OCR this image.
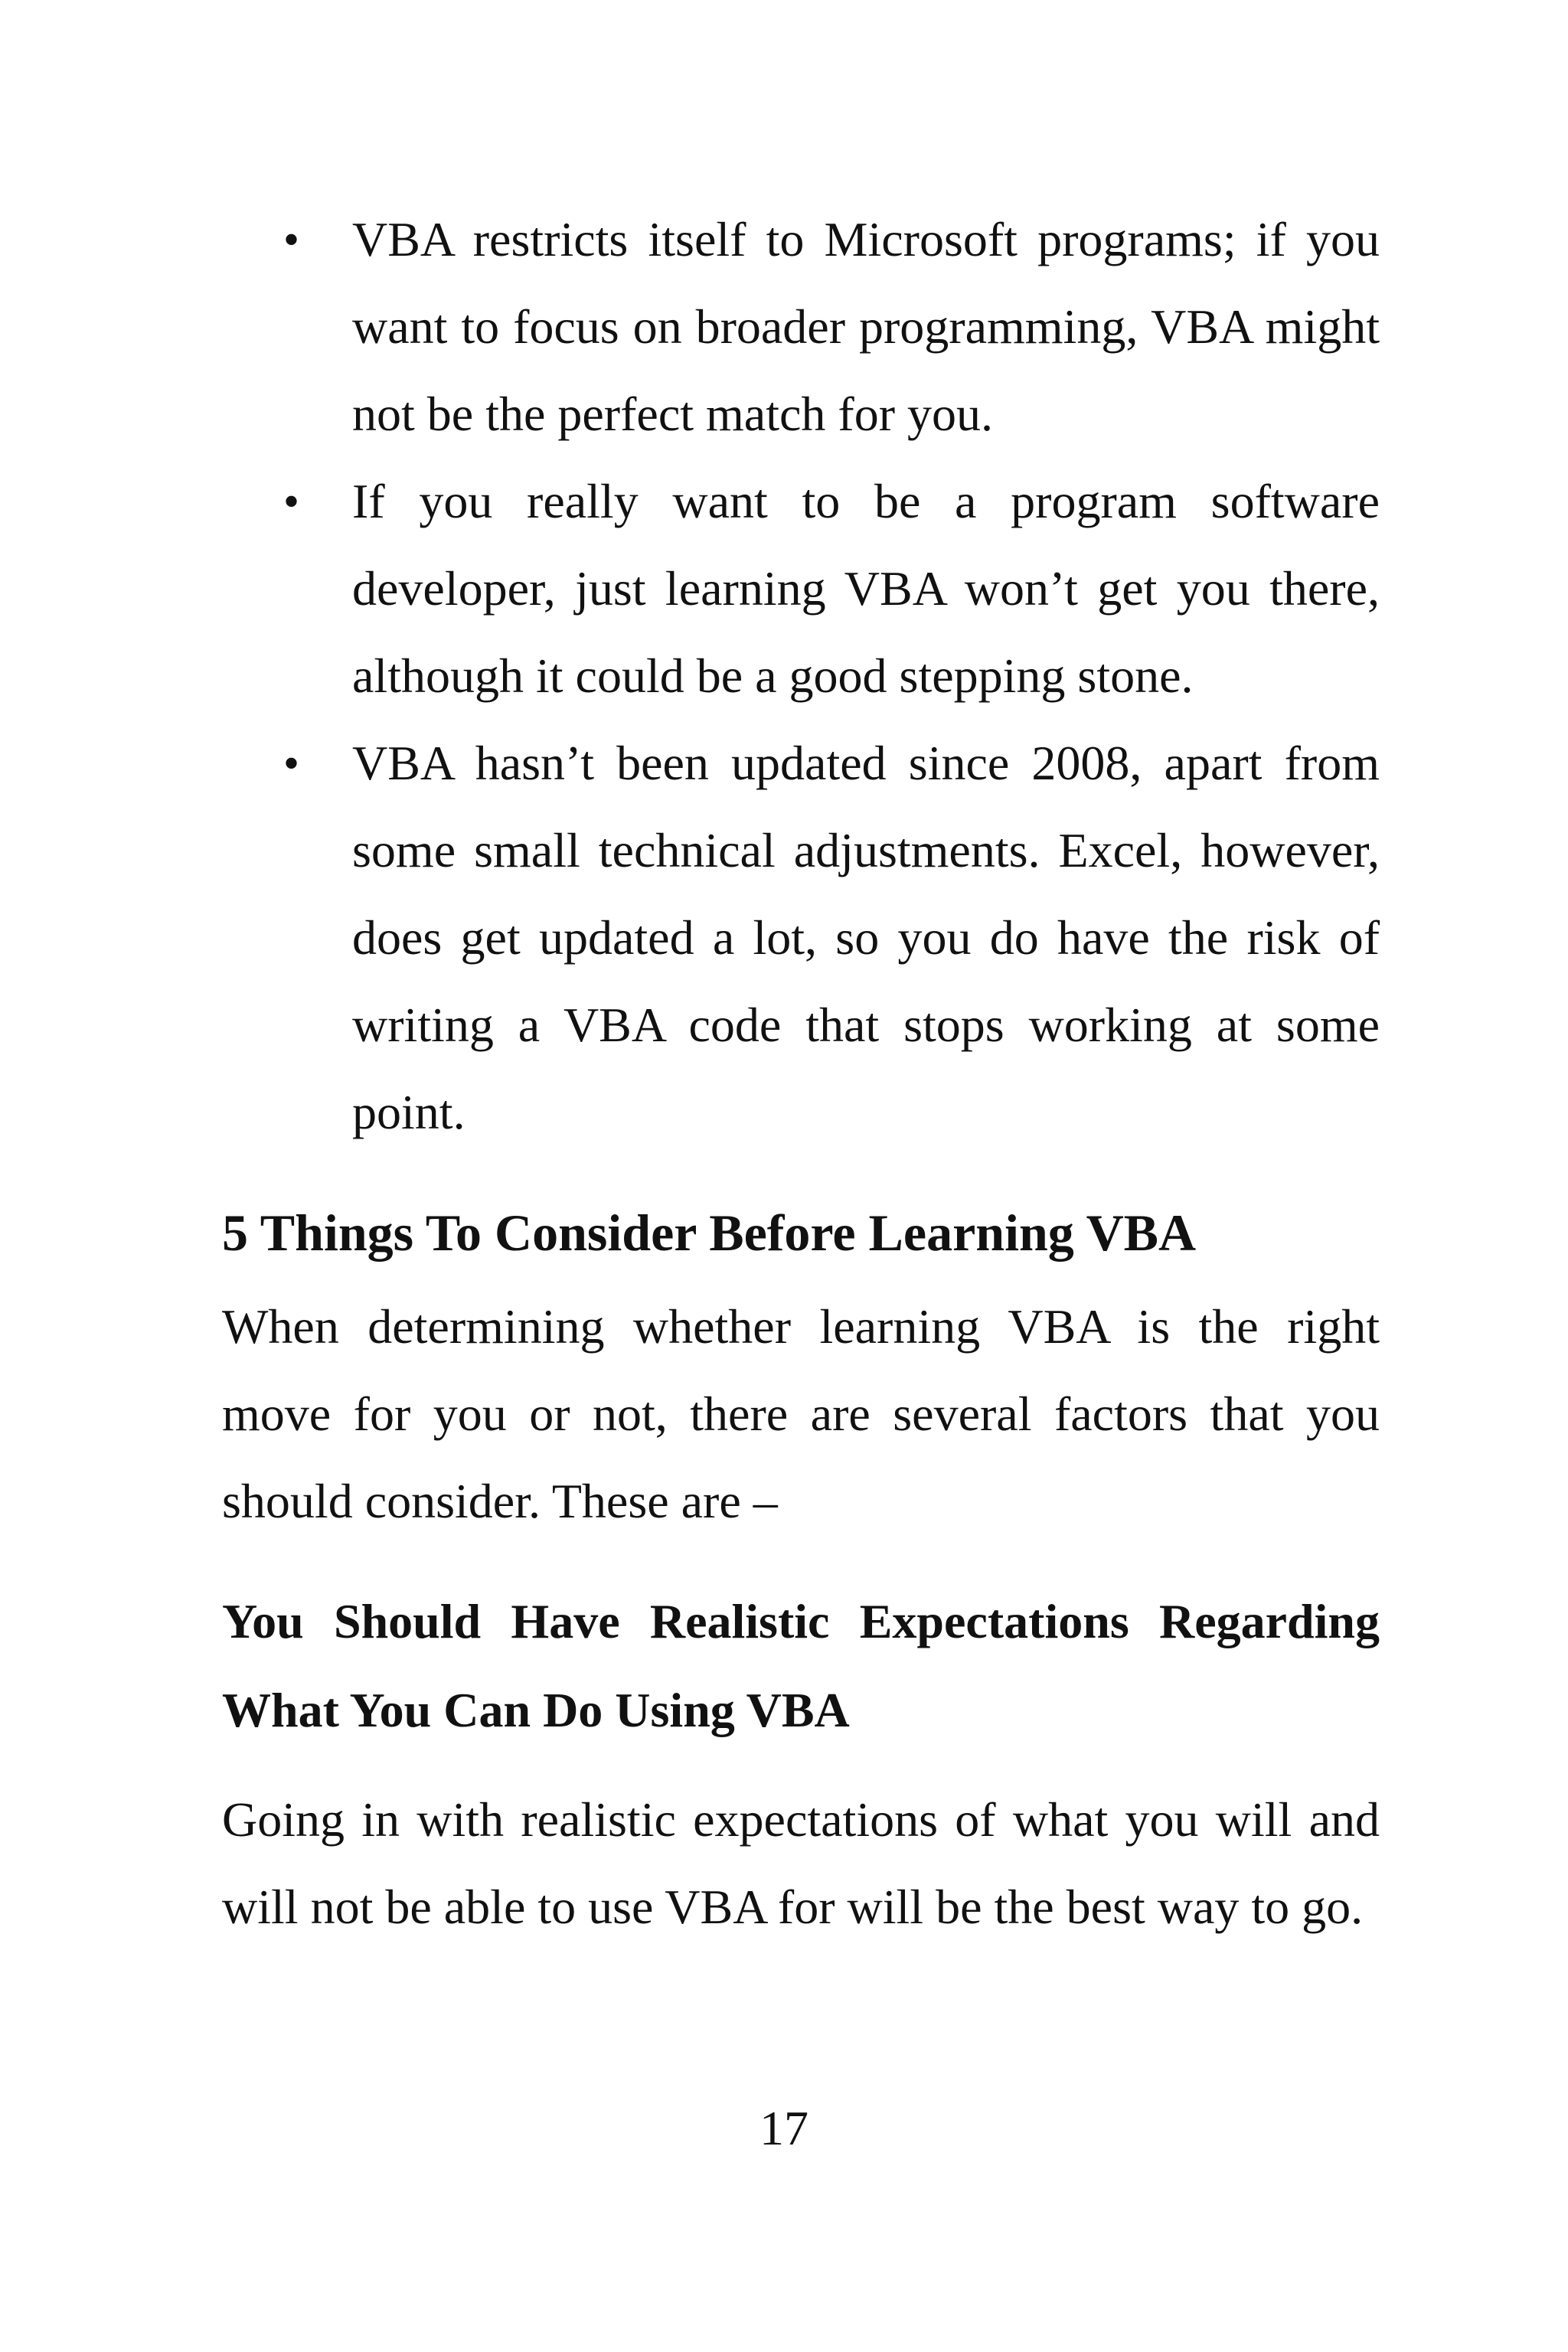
• VBA restricts itself to Microsoft programs; if you want to focus on broader programming, VBA might not be the perfect match for you.
• If you really want to be a program software developer, just learning VBA won’t get you there, although it could be a good stepping stone.
• VBA hasn’t been updated since 2008, apart from some small technical adjustments. Excel, however, does get updated a lot, so you do have the risk of writing a VBA code that stops working at some point.
5 Things To Consider Before Learning VBA

When determining whether learning VBA is the right move for you or not, there are several factors that you should consider. These are –

You Should Have Realistic Expectations Regarding What You Can Do Using VBA

Going in with realistic expectations of what you will and will not be able to use VBA for will be the best way to go.

17
